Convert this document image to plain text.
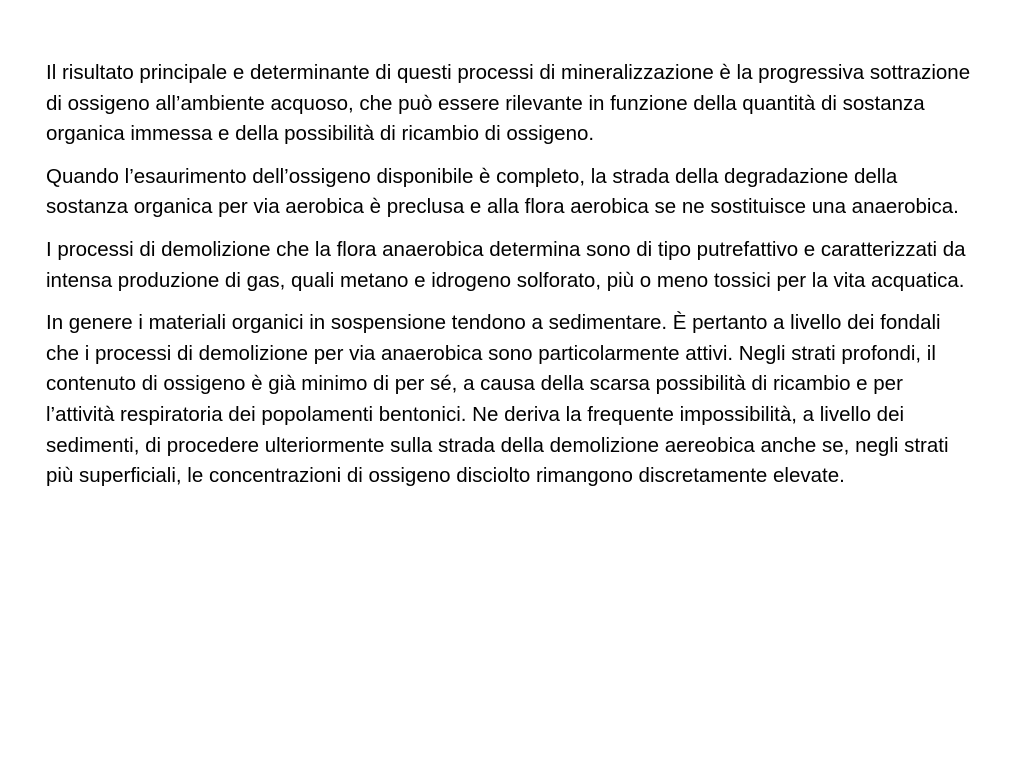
Il risultato principale e determinante di questi processi di mineralizzazione è la progressiva sottrazione di ossigeno all’ambiente acquoso, che può essere rilevante in funzione della quantità di sostanza organica immessa e della possibilità di ricambio di ossigeno.

Quando l’esaurimento dell’ossigeno disponibile è completo, la strada della degradazione della sostanza organica per via aerobica è preclusa e alla flora aerobica se ne sostituisce una anaerobica.

I processi di demolizione che la flora anaerobica determina sono di tipo putrefattivo e caratterizzati da intensa produzione di gas, quali metano e idrogeno solforato, più o meno tossici per la vita acquatica.

In genere i materiali organici in sospensione tendono a sedimentare. È pertanto a livello dei fondali che i processi di demolizione per via anaerobica sono particolarmente attivi. Negli strati profondi, il contenuto di ossigeno è già minimo di per sé, a causa della scarsa possibilità di ricambio e per l’attività respiratoria dei popolamenti bentonici. Ne deriva la frequente impossibilità, a livello dei sedimenti, di procedere ulteriormente sulla strada della demolizione aereobica anche se, negli strati più superficiali, le concentrazioni di ossigeno disciolto rimangono discretamente elevate.
